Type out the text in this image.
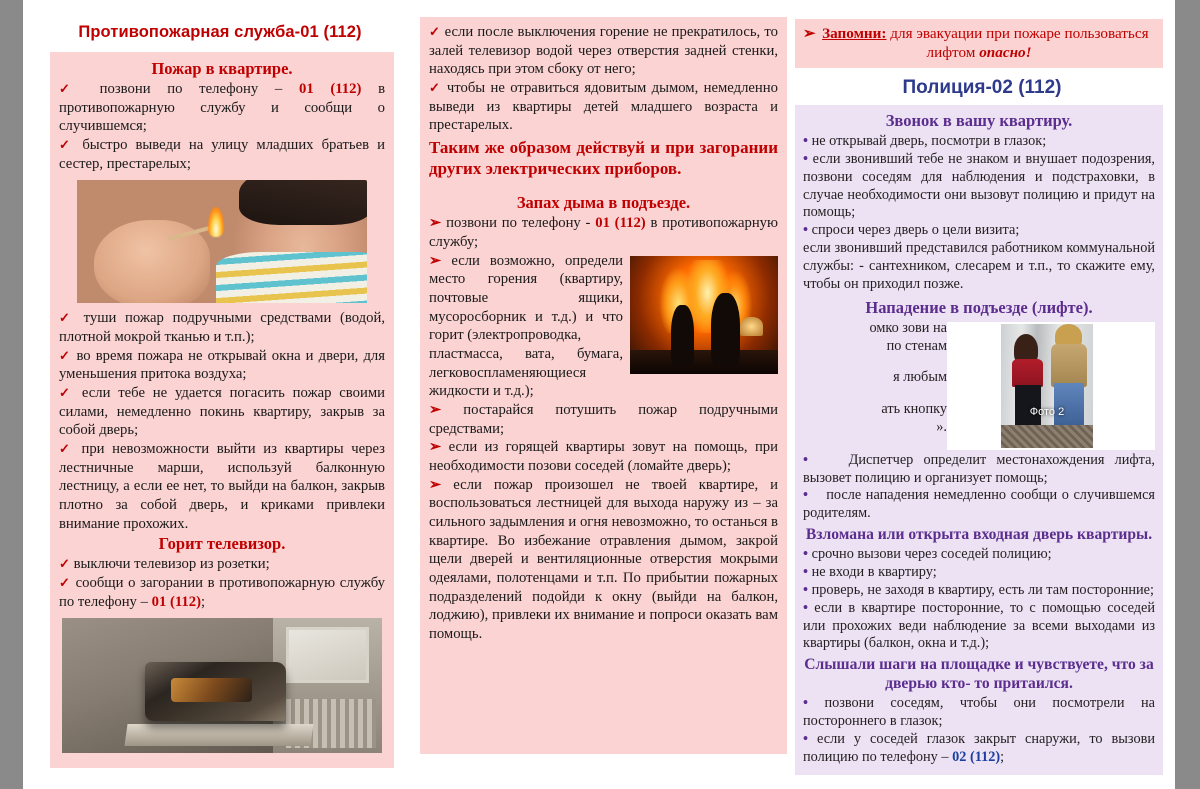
Противопожарная служба-01 (112)
Пожар в квартире.

✓ позвони по телефону – 01 (112) в противопожарную службу и сообщи о случившемся;

✓ быстро выведи на улицу младших братьев и сестер, престарелых;

✓ туши пожар подручными средствами (водой, плотной мокрой тканью и т.п.);

✓ во время пожара не открывай окна и двери, для уменьшения притока воздуха;

✓ если тебе не удается погасить пожар своими силами, немедленно покинь квартиру, закрыв за собой дверь;

✓ при невозможности выйти из квартиры через лестничные марши, используй балконную лестницу, а если ее нет, то выйди на балкон, закрыв плотно за собой дверь, и криками привлеки внимание прохожих.

Горит телевизор.

✓ выключи телевизор из розетки;

✓ сообщи о загорании в противопожарную службу по телефону – 01 (112);

✓ если после выключения горение не прекратилось, то залей телевизор водой через отверстия задней стенки, находясь при этом сбоку от него;

✓ чтобы не отравиться ядовитым дымом, немедленно выведи из квартиры детей младшего возраста и престарелых.

Таким же образом действуй и при загорании других электрических приборов.

Запах дыма в подъезде.

➢ позвони по телефону - 01 (112) в противопожарную службу;

➢ если возможно, определи место горения (квартиру, почтовые ящики, мусоросборник и т.д.) и что горит (электропроводка,

пластмасса, вата, бумага, легковоспламеняющиеся жидкости и т.д.);

➢ постарайся потушить пожар подручными средствами;

➢ если из горящей квартиры зовут на помощь, при необходимости позови соседей (ломайте дверь);

➢ если пожар произошел не твоей квартире, и воспользоваться лестницей для выхода наружу из – за сильного задымления и огня невозможно, то останься в квартире. Во избежание отравления дымом, закрой щели дверей и вентиляционные отверстия мокрыми одеялами, полотенцами и т.п. По прибытии пожарных подразделений подойди к окну (выйди на балкон, лоджию), привлеки их внимание и попроси оказать вам помощь.

➢ Запомни: для эвакуации при пожаре пользоваться лифтом опасно!
Полиция-02 (112)
Звонок в вашу квартиру.

• не открывай дверь, посмотри в глазок;

• если звонивший тебе не знаком и внушает подозрения, позвони соседям для наблюдения и подстраховки, в случае необходимости они вызовут полицию и придут на помощь;

• спроси через дверь о цели визита;

если звонивший представился работником коммунальной службы: - сантехником, слесарем и т.п., то скажите ему, чтобы он приходил позже.

Нападение в подъезде (лифте).
Фото 2

омко зови на

по стенам

я любым

ать кнопку

».

•	Диспетчер определит местонахождения лифта, вызовет полицию и организует помощь;

• после нападения немедленно сообщи о случившемся родителям.

Взломана или открыта входная дверь квартиры.

• срочно вызови через соседей полицию;

• не входи в квартиру;

• проверь, не заходя в квартиру, есть ли там посторонние;

• если в квартире посторонние, то с помощью соседей или прохожих веди наблюдение за всеми выходами из квартиры (балкон, окна и т.д.);

Слышали шаги на площадке и чувствуете, что за дверью кто- то притаился.

• позвони соседям, чтобы они посмотрели на постороннего в глазок;

• если у соседей глазок закрыт снаружи, то вызови полицию по телефону – 02 (112);
